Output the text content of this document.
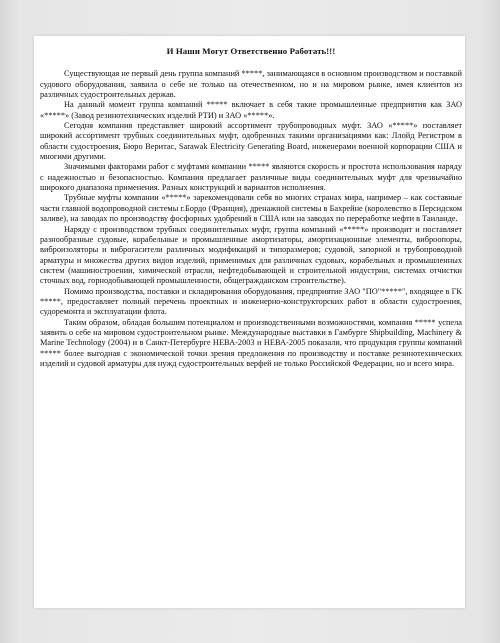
И Наши Могут Ответственно Работать!!!

Существующая не первый день группа компаний *****, занимающаяся в основном производством и поставкой судового оборудования, заявила о себе не только на отечественном, но и на мировом рынке, имея клиентов из различных судостроительных держав.

На данный момент группа компаний ***** включает в себя такие промышленные предприятия как ЗАО «*****» (Завод резинотехнических изделий РТИ) и ЗАО «*****».

Сегодня компания представляет широкий ассортимент трубопроводных муфт. ЗАО «*****» поставляет широкий ассортимент трубных соединительных муфт, одобренных такими организациями как: Ллойд Регистром в области судостроения, Бюро Веритас, Sarawak Electricity Generating Board, инженерами военной корпорации США и многими другими.

Значимыми факторами работ с муфтами компании ***** являются скорость и простота использования наряду с надежностью и безопасностью. Компания предлагает различные виды соединительных муфт для чрезвычайно широкого диапазона применения. Разных конструкций и вариантов исполнения.

Трубные муфты компании «*****» зарекомендовали себя во многих странах мира, например – как составные части главной водопроводной системы г.Бордо (Франция), дренажной системы в Бахрейне (королевство в Персидском заливе), на заводах по производству фосфорных удобрений в США или на заводах по переработке нефти в Таиланде.

Наряду с производством трубных соединительных муфт, группа компаний «*****» производит и поставляет разнообразные судовые, корабельные и промышленные амортизаторы, амортизационные элементы, виброопоры, виброизоляторы и виброгасители различных модификаций и типоразмеров; судовой, запорной и трубопроводной арматуры и множества других видов изделий, применимых для различных судовых, корабельных и промышленных систем (машиностроении, химической отрасли, нефтедобывающей и строительной индустрии, системах отчистки сточных вод, горнодобывающей промышленности, общегражданском строительстве).

Помимо производства, поставки и складирования оборудования, предприятие ЗАО "ПО"*****", входящее в ГК *****, предоставляет полный перечень проектных и инженерно-конструкторских работ в области судостроения, судоремонта и эксплуатации флота.

Таким образом, обладая большим потенциалом и производственными возможностями, компания ***** успела заявить о себе на мировом судостроительном рынке. Международные выставки в Гамбурге Shipbuilding, Machinery & Marine Technology (2004) и в Санкт-Петербурге НЕВА-2003 и НЕВА-2005 показали, что продукция группы компаний ***** более выгодная с экономической точки зрения предложения по производству и поставке резинотехнических изделий и судовой арматуры для нужд судостроительных верфей не только Российской Федерации, но и всего мира.
